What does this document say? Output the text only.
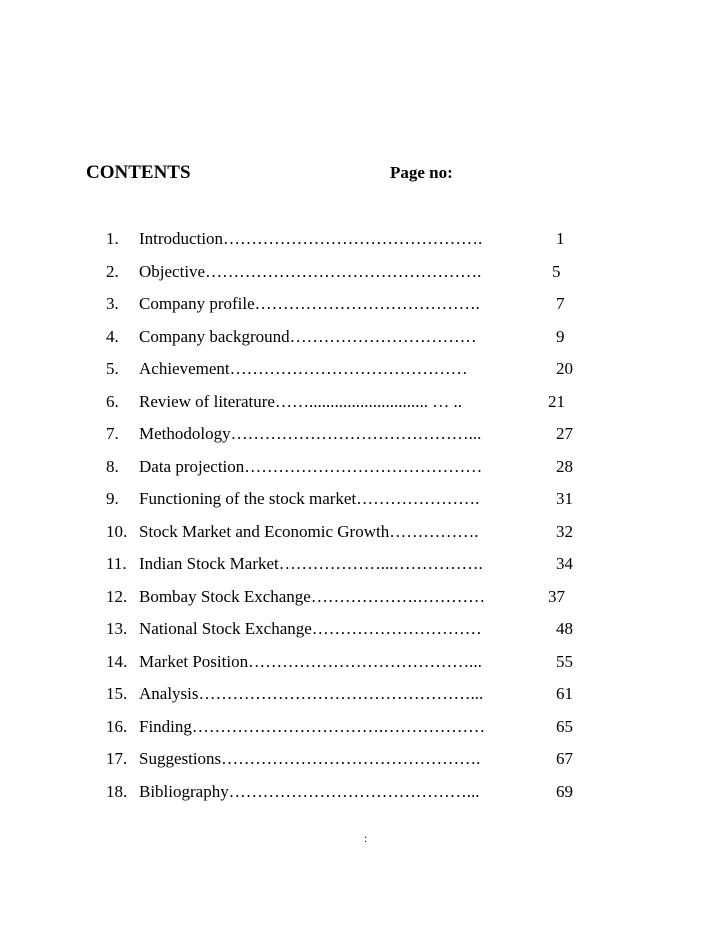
CONTENTS	Page no:
1. Introduction……………………………………….	1
2. Objective………………………………………….	5
3. Company profile………………………………….	7
4. Company background……………………………	9
5. Achievement……………………………………	20
6. Review of literature……............................ … ..	21
7. Methodology……………………………………...	27
8. Data projection……………………………………	28
9. Functioning of the stock market………………….	31
10. Stock Market and Economic Growth…………….	32
11. Indian Stock Market………………...…………….	34
12. Bombay Stock Exchange……………….…………	37
13. National Stock Exchange…………………………	48
14. Market Position…………………………………...	55
15. Analysis…………………………………………...	61
16. Finding…………………………….………………	65
17. Suggestions……………………………………….	67
18. Bibliography……………………………………...	69
:
